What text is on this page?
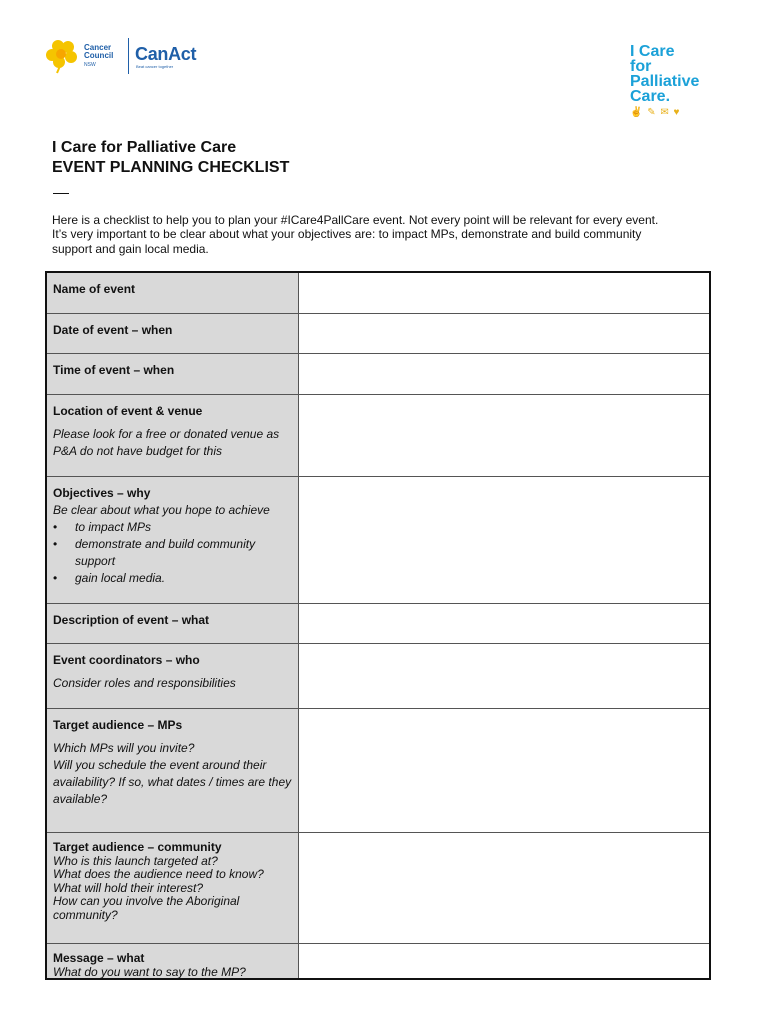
Cancer
Council
NSW
CanAct
Beat cancer together
I Care
for
Palliative
Care.
✌ ✎ ✉ ♥
I Care for Palliative Care
EVENT PLANNING CHECKLIST
Here is a checklist to help you to plan your #ICare4PallCare event. Not every point will be relevant for every event. It’s very important to be clear about what your objectives are: to impact MPs, demonstrate and build community support and gain local media.
Name of event
Date of event – when
Time of event – when
Location of event & venue
Please look for a free or donated venue as P&A do not have budget for this
Objectives – why
Be clear about what you hope to achieve
• to impact MPs
• demonstrate and build community support
• gain local media.
Description of event – what
Event coordinators – who
Consider roles and responsibilities
Target audience – MPs
Which MPs will you invite?
Will you schedule the event around their availability? If so, what dates / times are they available?
Target audience – community
Who is this launch targeted at?
What does the audience need to know?
What will hold their interest?
How can you involve the Aboriginal community?
Message – what
What do you want to say to the MP?
